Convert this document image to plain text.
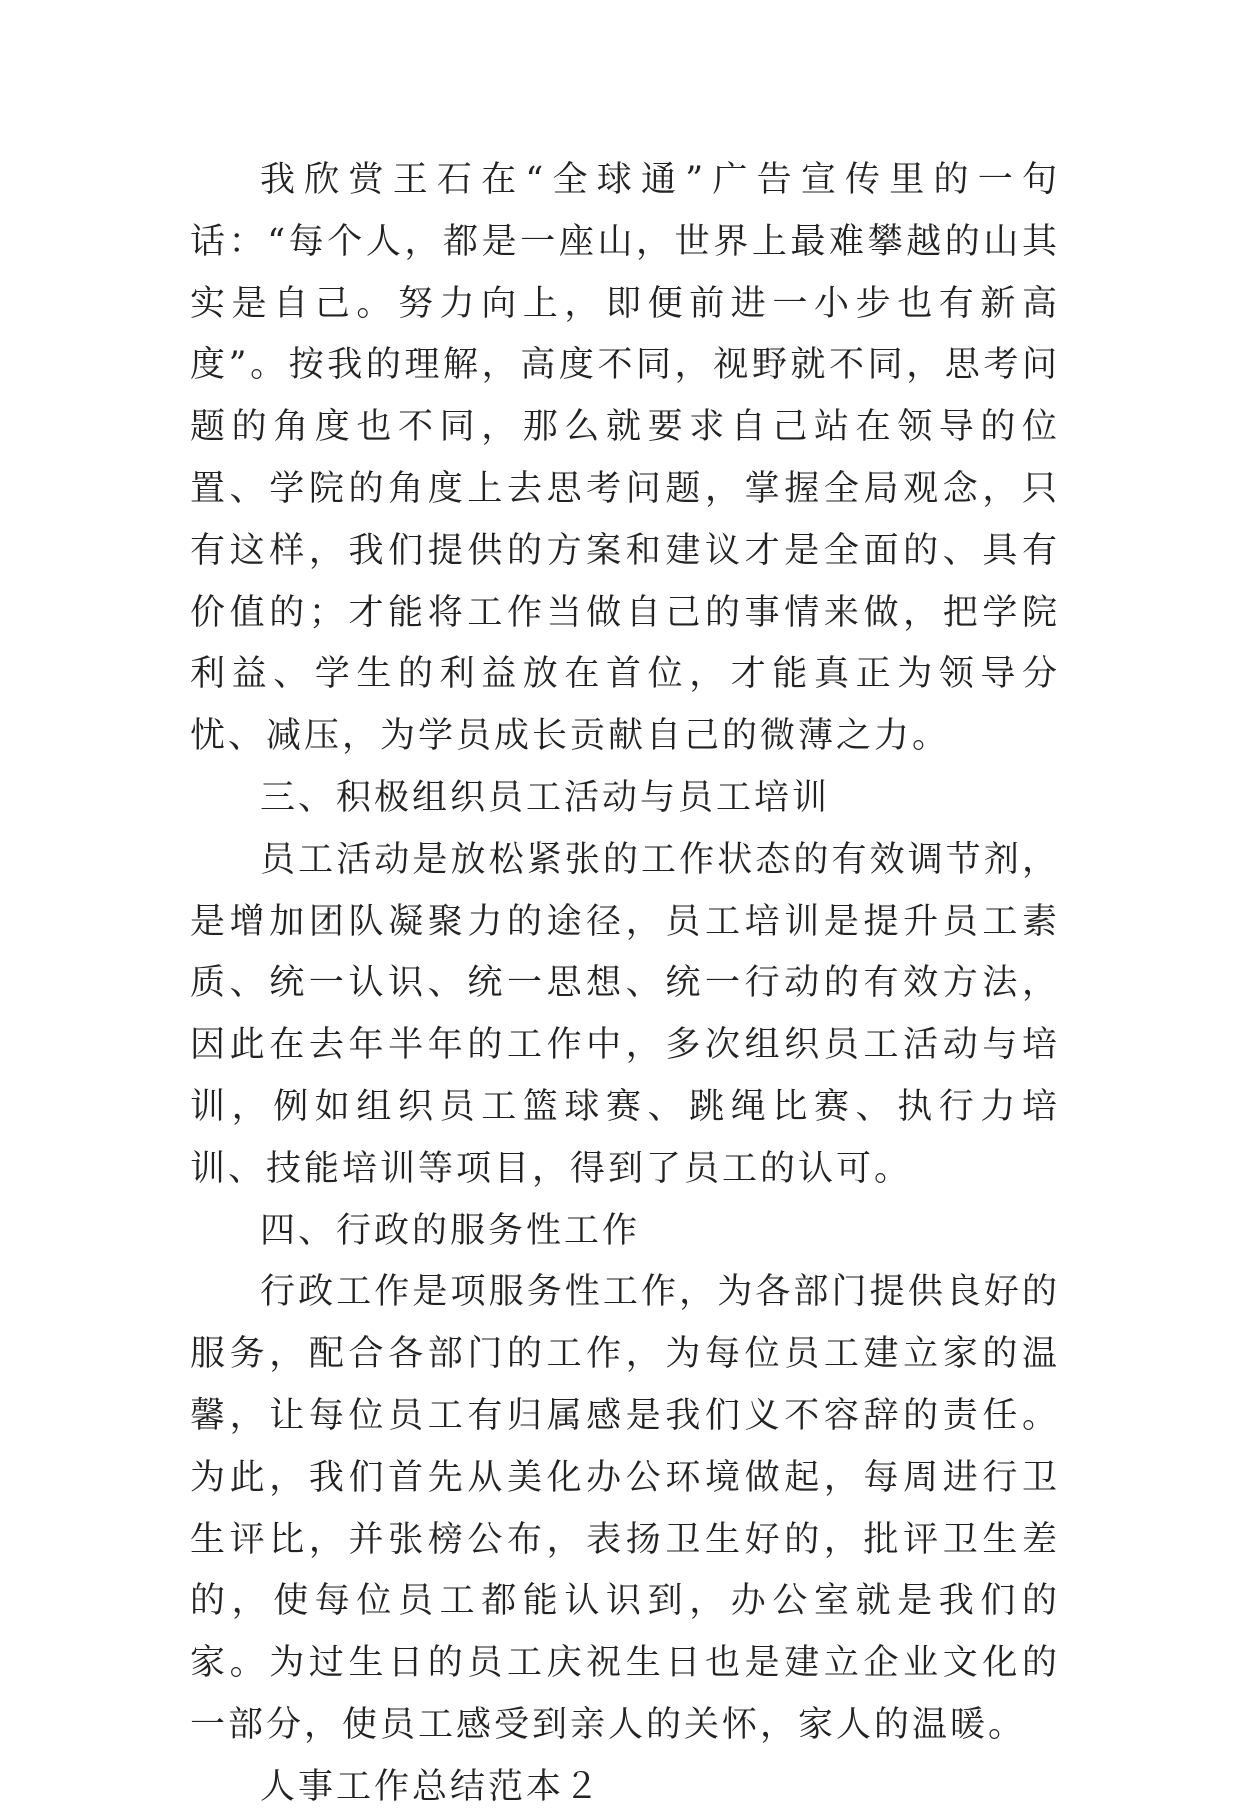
我欣赏王石在“全球通”广告宣传里的一句话：“每个人，都是一座山，世界上最难攀越的山其实是自己。努力向上，即便前进一小步也有新高度”。按我的理解，高度不同，视野就不同，思考问题的角度也不同，那么就要求自己站在领导的位置、学院的角度上去思考问题，掌握全局观念，只有这样，我们提供的方案和建议才是全面的、具有价值的；才能将工作当做自己的事情来做，把学院利益、学生的利益放在首位，才能真正为领导分忧、减压，为学员成长贡献自己的微薄之力。

三、积极组织员工活动与员工培训

员工活动是放松紧张的工作状态的有效调节剂，是增加团队凝聚力的途径，员工培训是提升员工素质、统一认识、统一思想、统一行动的有效方法，因此在去年半年的工作中，多次组织员工活动与培训，例如组织员工篮球赛、跳绳比赛、执行力培训、技能培训等项目，得到了员工的认可。

四、行政的服务性工作

行政工作是项服务性工作，为各部门提供良好的服务，配合各部门的工作，为每位员工建立家的温馨，让每位员工有归属感是我们义不容辞的责任。为此，我们首先从美化办公环境做起，每周进行卫生评比，并张榜公布，表扬卫生好的，批评卫生差的，使每位员工都能认识到，办公室就是我们的家。为过生日的员工庆祝生日也是建立企业文化的一部分，使员工感受到亲人的关怀，家人的温暖。

人事工作总结范本２
